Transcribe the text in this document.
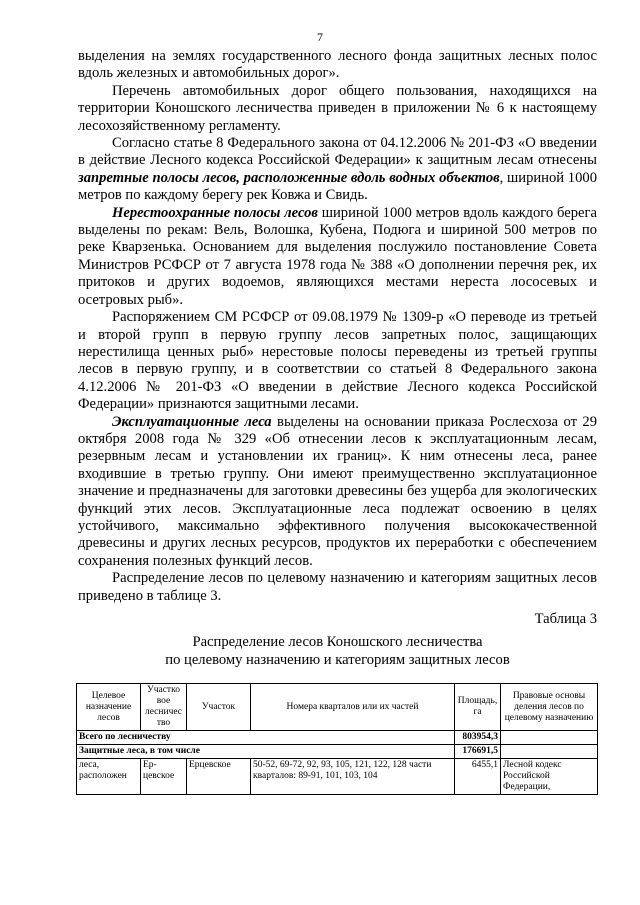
7

выделения на землях государственного лесного фонда защитных лесных полос вдоль железных и автомобильных дорог».

Перечень автомобильных дорог общего пользования, находящихся на территории Коношского лесничества приведен в приложении № 6 к настоящему лесохозяйственному регламенту.

Согласно статье 8 Федерального закона от 04.12.2006 № 201-ФЗ «О введении в действие Лесного кодекса Российской Федерации» к защитным лесам отнесены запретные полосы лесов, расположенные вдоль водных объектов, шириной 1000 метров по каждому берегу рек Ковжа и Свидь.

Нерестоохранные полосы лесов шириной 1000 метров вдоль каждого берега выделены по рекам: Вель, Волошка, Кубена, Подюга и шириной 500 метров по реке Кварзенька. Основанием для выделения послужило постановление Совета Министров РСФСР от 7 августа 1978 года № 388 «О дополнении перечня рек, их притоков и других водоемов, являющихся местами нереста лососевых и осетровых рыб».

Распоряжением СМ РСФСР от 09.08.1979 № 1309-р «О переводе из третьей и второй групп в первую группу лесов запретных полос, защищающих нерестилища ценных рыб» нерестовые полосы переведены из третьей группы лесов в первую группу, и в соответствии со статьей 8 Федерального закона 4.12.2006 № 201-ФЗ «О введении в действие Лесного кодекса Российской Федерации» признаются защитными лесами.

Эксплуатационные леса выделены на основании приказа Рослесхоза от 29 октября 2008 года № 329 «Об отнесении лесов к эксплуатационным лесам, резервным лесам и установлении их границ». К ним отнесены леса, ранее входившие в третью группу. Они имеют преимущественно эксплуатационное значение и предназначены для заготовки древесины без ущерба для экологических функций этих лесов. Эксплуатационные леса подлежат освоению в целях устойчивого, максимально эффективного получения высококачественной древесины и других лесных ресурсов, продуктов их переработки с обеспечением сохранения полезных функций лесов.

Распределение лесов по целевому назначению и категориям защитных лесов приведено в таблице 3.

Таблица 3
Распределение лесов Коношского лесничества
по целевому назначению и категориям защитных лесов
Целевое назначение лесов	Участко вое лесничес тво	Участок	Номера кварталов или их частей	Площадь, га	Правовые основы деления лесов по целевому назначению
Всего по лесничеству				803954,3	
Защитные леса, в том числе				176691,5	
леса, расположен	Ер- цевское	Ерцевское	50-52, 69-72, 92, 93, 105, 121, 122, 128 части кварталов: 89-91, 101, 103, 104	6455,1	Лесной кодекс Российской Федерации,
